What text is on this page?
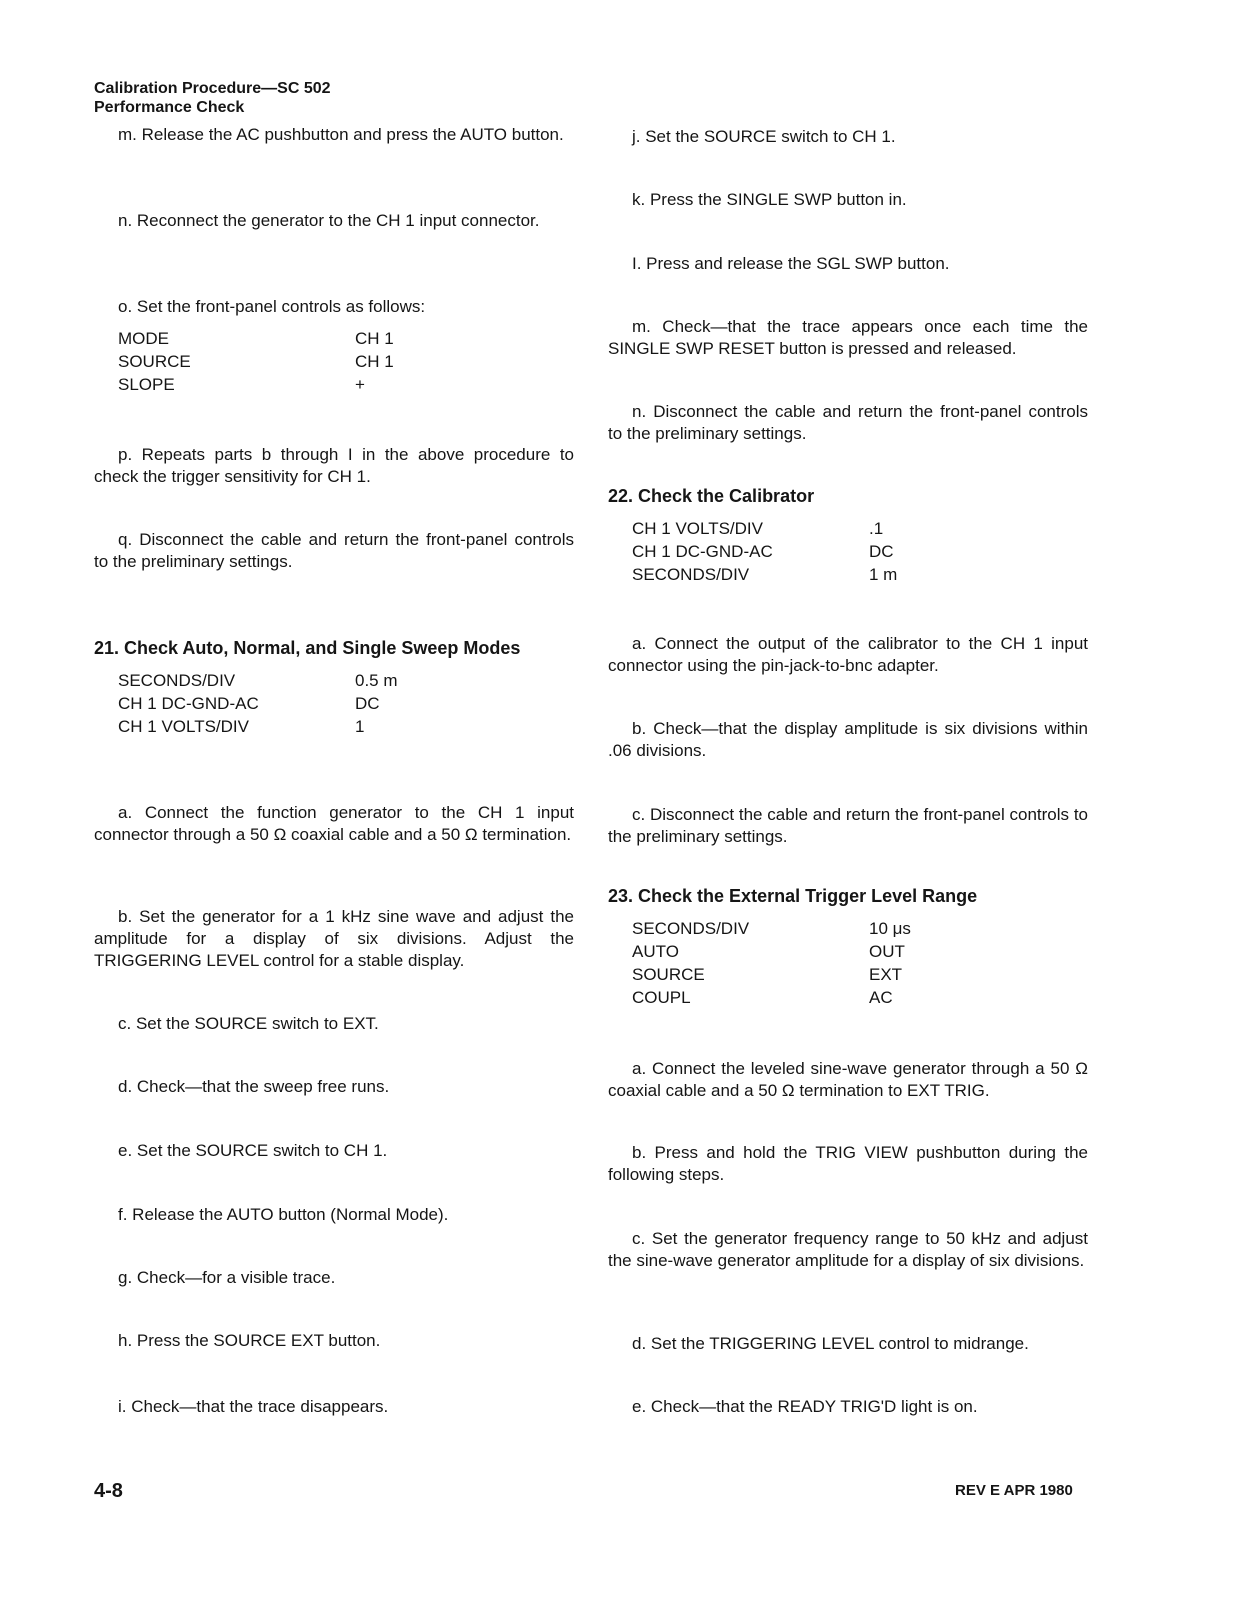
Calibration Procedure—SC 502
Performance Check
m. Release the AC pushbutton and press the AUTO button.
n. Reconnect the generator to the CH 1 input connector.
o. Set the front-panel controls as follows:
MODE	CH 1
SOURCE	CH 1
SLOPE	+
p. Repeats parts b through I in the above procedure to check the trigger sensitivity for CH 1.
q. Disconnect the cable and return the front-panel controls to the preliminary settings.
21. Check Auto, Normal, and Single Sweep Modes
SECONDS/DIV	0.5 m
CH 1 DC-GND-AC	DC
CH 1 VOLTS/DIV	1
a. Connect the function generator to the CH 1 input connector through a 50 Ω coaxial cable and a 50 Ω termination.
b. Set the generator for a 1 kHz sine wave and adjust the amplitude for a display of six divisions. Adjust the TRIGGERING LEVEL control for a stable display.
c. Set the SOURCE switch to EXT.
d. Check—that the sweep free runs.
e. Set the SOURCE switch to CH 1.
f. Release the AUTO button (Normal Mode).
g. Check—for a visible trace.
h. Press the SOURCE EXT button.
i. Check—that the trace disappears.
j. Set the SOURCE switch to CH 1.
k. Press the SINGLE SWP button in.
I. Press and release the SGL SWP button.
m. Check—that the trace appears once each time the SINGLE SWP RESET button is pressed and released.
n. Disconnect the cable and return the front-panel controls to the preliminary settings.
22. Check the Calibrator
CH 1 VOLTS/DIV	.1
CH 1 DC-GND-AC	DC
SECONDS/DIV	1 m
a. Connect the output of the calibrator to the CH 1 input connector using the pin-jack-to-bnc adapter.
b. Check—that the display amplitude is six divisions within .06 divisions.
c. Disconnect the cable and return the front-panel controls to the preliminary settings.
23. Check the External Trigger Level Range
SECONDS/DIV	10 μs
AUTO	OUT
SOURCE	EXT
COUPL	AC
a. Connect the leveled sine-wave generator through a 50 Ω coaxial cable and a 50 Ω termination to EXT TRIG.
b. Press and hold the TRIG VIEW pushbutton during the following steps.
c. Set the generator frequency range to 50 kHz and adjust the sine-wave generator amplitude for a display of six divisions.
d. Set the TRIGGERING LEVEL control to midrange.
e. Check—that the READY TRIG'D light is on.
4-8	REV E APR 1980
